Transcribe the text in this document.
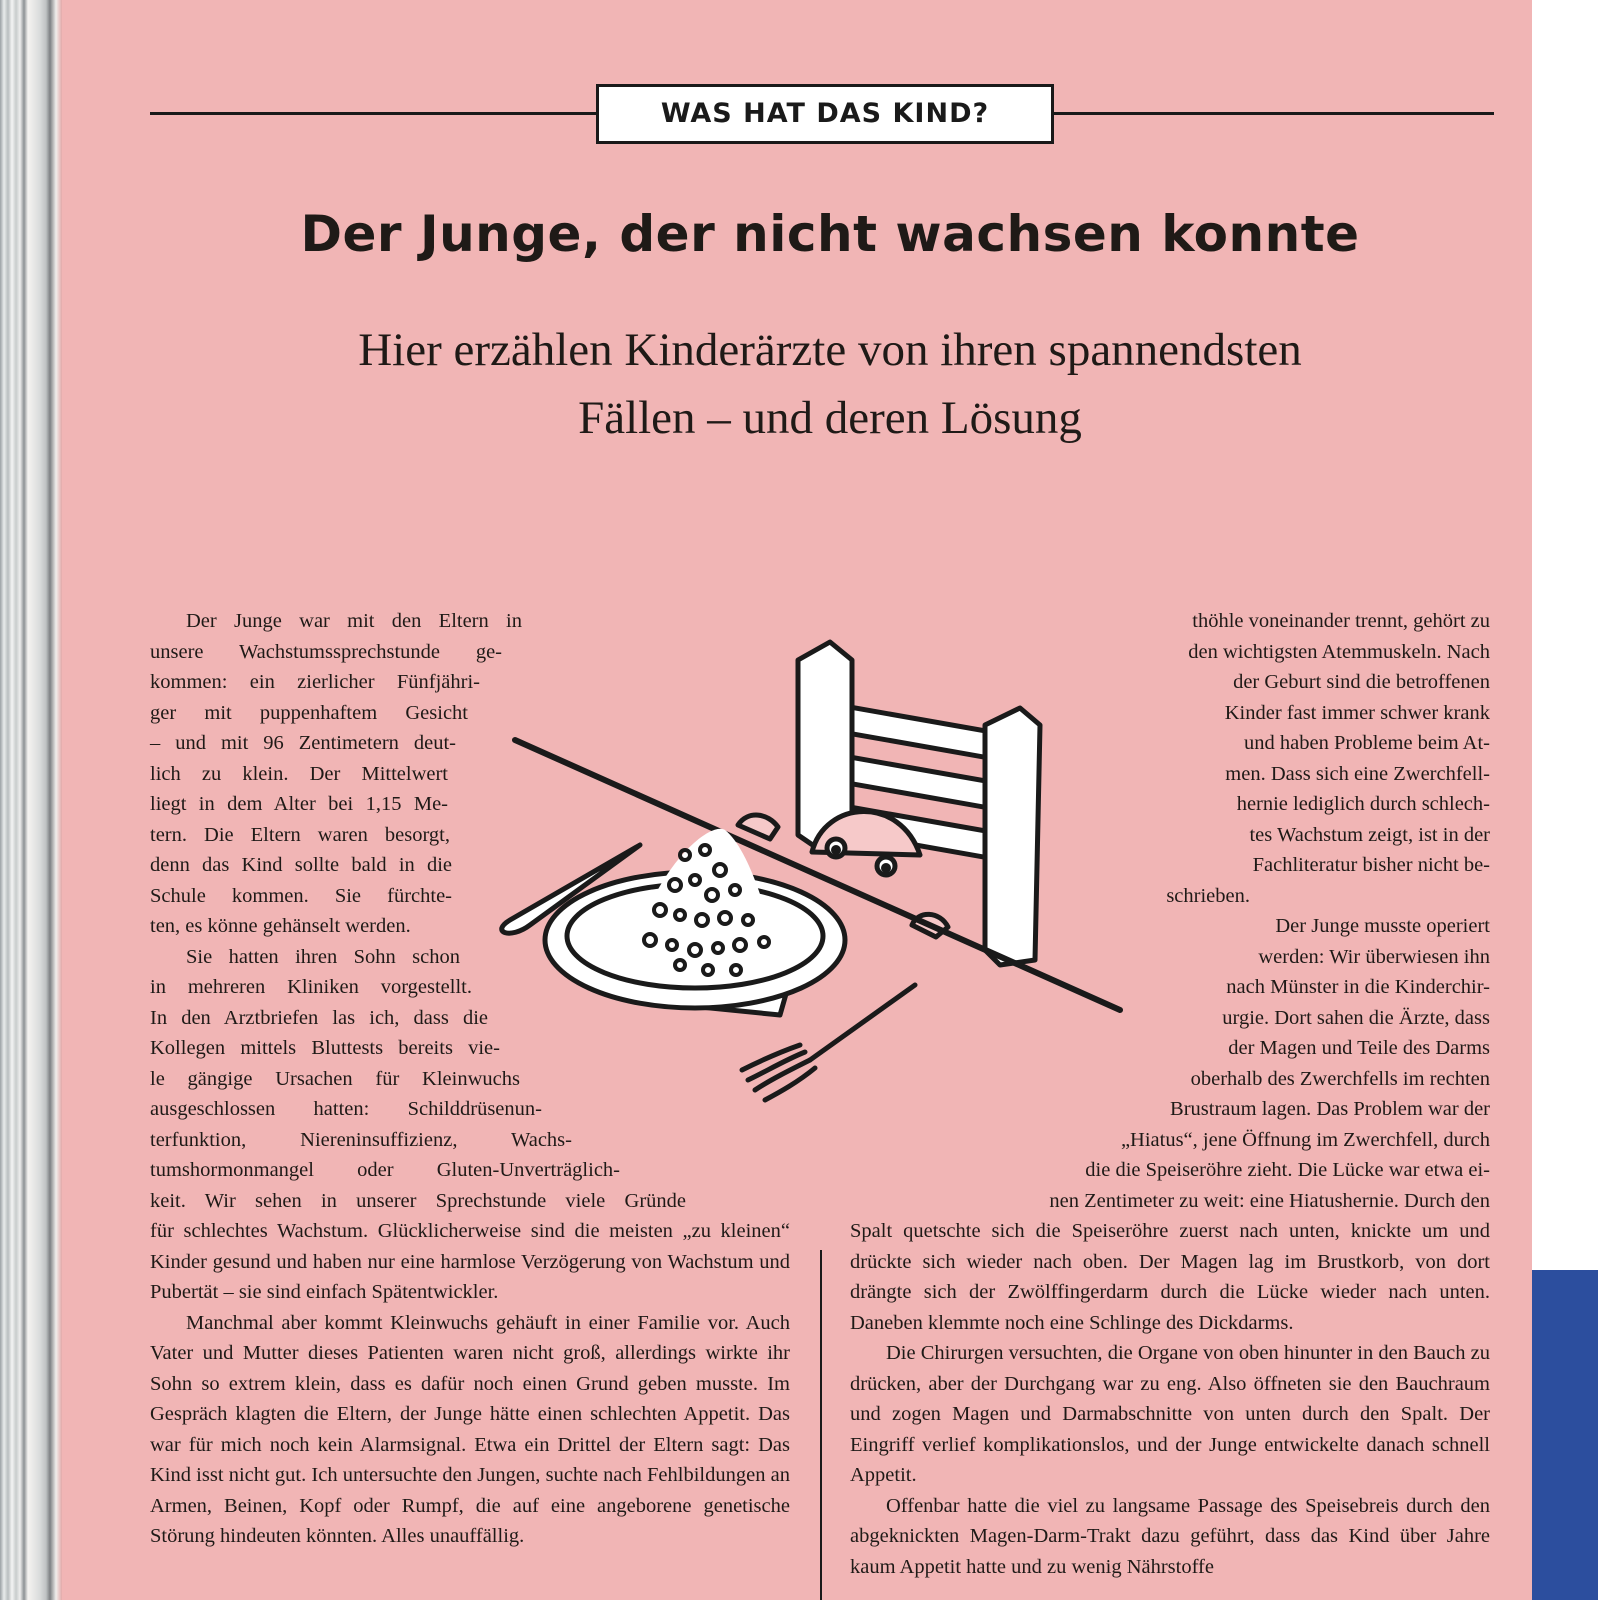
WAS HAT DAS KIND?
Der Junge, der nicht wachsen konnte
Hier erzählen Kinderärzte von ihren spannendsten
Fällen – und deren Lösung
Der Junge war mit den Eltern in
unsere Wachstumssprechstunde ge-
kommen: ein zierlicher Fünfjähri-
ger mit puppenhaftem Gesicht
– und mit 96 Zentimetern deut-
lich zu klein. Der Mittelwert
liegt in dem Alter bei 1,15 Me-
tern. Die Eltern waren besorgt,
denn das Kind sollte bald in die
Schule kommen. Sie fürchte-
ten, es könne gehänselt werden.
Sie hatten ihren Sohn schon
in mehreren Kliniken vorgestellt.
In den Arztbriefen las ich, dass die
Kollegen mittels Bluttests bereits vie-
le gängige Ursachen für Kleinwuchs
ausgeschlossen hatten: Schilddrüsenun-
terfunktion, Niereninsuffizienz, Wachs-
tumshormonmangel oder Gluten-Unverträglich-
keit. Wir sehen in unserer Sprechstunde viele Gründe

für schlechtes Wachstum. Glücklicherweise sind die meisten „zu kleinen“ Kinder gesund und haben nur eine harmlose Verzögerung von Wachstum und Pubertät – sie sind einfach Spätentwickler.

Manchmal aber kommt Kleinwuchs gehäuft in einer Familie vor. Auch Vater und Mutter dieses Patienten waren nicht groß, allerdings wirkte ihr Sohn so extrem klein, dass es dafür noch einen Grund geben musste. Im Gespräch klagten die Eltern, der Junge hätte einen schlechten Appetit. Das war für mich noch kein Alarmsignal. Etwa ein Drittel der Eltern sagt: Das Kind isst nicht gut. Ich untersuchte den Jungen, suchte nach Fehlbildungen an Armen, Beinen, Kopf oder Rumpf, die auf eine angeborene genetische Störung hindeuten könnten. Alles unauffällig.

thöhle voneinander trennt, gehört zu
den wichtigsten Atemmuskeln. Nach
der Geburt sind die betroffenen
Kinder fast immer schwer krank
und haben Probleme beim At-
men. Dass sich eine Zwerchfell-
hernie lediglich durch schlech-
tes Wachstum zeigt, ist in der
Fachliteratur bisher nicht be-
schrieben.
Der Junge musste operiert
werden: Wir überwiesen ihn
nach Münster in die Kinderchir-
urgie. Dort sahen die Ärzte, dass
der Magen und Teile des Darms
oberhalb des Zwerchfells im rechten
Brustraum lagen. Das Problem war der
„Hiatus“, jene Öffnung im Zwerchfell, durch
die die Speiseröhre zieht. Die Lücke war etwa ei-
nen Zentimeter zu weit: eine Hiatushernie. Durch den

Spalt quetschte sich die Speiseröhre zuerst nach unten, knickte um und drückte sich wieder nach oben. Der Magen lag im Brustkorb, von dort drängte sich der Zwölffingerdarm durch die Lücke wieder nach unten. Daneben klemmte noch eine Schlinge des Dickdarms.

Die Chirurgen versuchten, die Organe von oben hinunter in den Bauch zu drücken, aber der Durchgang war zu eng. Also öffneten sie den Bauchraum und zogen Magen und Darmabschnitte von unten durch den Spalt. Der Eingriff verlief komplikationslos, und der Junge entwickelte danach schnell Appetit.

Offenbar hatte die viel zu langsame Passage des Speisebreis durch den abgeknickten Magen-Darm-Trakt dazu geführt, dass das Kind über Jahre kaum Appetit hatte und zu wenig Nährstoffe
